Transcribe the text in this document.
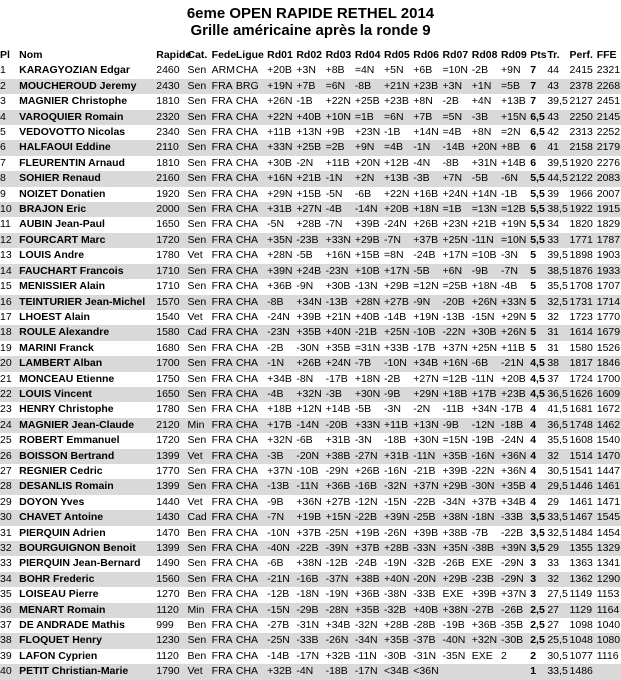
6eme OPEN RAPIDE RETHEL 2014
Grille américaine après la ronde 9
Pl	Nom	Rapide	Cat.	Fede	Ligue	Rd01	Rd02	Rd03	Rd04	Rd05	Rd06	Rd07	Rd08	Rd09	Pts	Tr.	Perf.	FFE
1	KARAGYOZIAN Edgar	2460	Sen	ARM	CHA	+20B	+3N	+8B	=4N	+5N	+6B	=10N	-2B	+9N	7	44	2415	2321
2	MOUCHEROUD Jeremy	2430	Sen	FRA	BRG	+19N	+7B	=6N	-8B	+21N	+23B	+3N	+1N	=5B	7	43	2378	2268
3	MAGNIER Christophe	1810	Sen	FRA	CHA	+26N	-1B	+22N	+25B	+23B	+8N	-2B	+4N	+13B	7	39,5	2127	2451
4	VAROQUIER Romain	2320	Sen	FRA	CHA	+22N	+40B	+10N	=1B	=6N	+7B	=5N	-3B	+15N	6,5	43	2250	2145
5	VEDOVOTTO Nicolas	2340	Sen	FRA	CHA	+11B	+13N	+9B	+23N	-1B	+14N	=4B	+8N	=2N	6,5	42	2313	2252
6	HALFAOUI Eddine	2110	Sen	FRA	CHA	+33N	+25B	=2B	+9N	=4B	-1N	-14B	+20N	+8B	6	41	2158	2179
7	FLEURENTIN Arnaud	1810	Sen	FRA	CHA	+30B	-2N	+11B	+20N	+12B	-4N	-8B	+31N	+14B	6	39,5	1920	2276
8	SOHIER Renaud	2160	Sen	FRA	CHA	+16N	+21B	-1N	+2N	+13B	-3B	+7N	-5B	-6N	5,5	44,5	2122	2083
9	NOIZET Donatien	1920	Sen	FRA	CHA	+29N	+15B	-5N	-6B	+22N	+16B	+24N	+14N	-1B	5,5	39	1966	2007
10	BRAJON Eric	2000	Sen	FRA	CHA	+31B	+27N	-4B	-14N	+20B	+18N	=1B	=13N	=12B	5,5	38,5	1922	1915
11	AUBIN Jean-Paul	1650	Sen	FRA	CHA	-5N	+28B	-7N	+39B	-24N	+26B	+23N	+21B	+19N	5,5	34	1820	1829
12	FOURCART Marc	1720	Sen	FRA	CHA	+35N	-23B	+33N	+29B	-7N	+37B	+25N	-11N	=10N	5,5	33	1771	1787
13	LOUIS Andre	1780	Vet	FRA	CHA	+28N	-5B	+16N	+15B	=8N	-24B	+17N	=10B	-3N	5	39,5	1898	1903
14	FAUCHART Francois	1710	Sen	FRA	CHA	+39N	+24B	-23N	+10B	+17N	-5B	+6N	-9B	-7N	5	38,5	1876	1933
15	MENISSIER Alain	1710	Sen	FRA	CHA	+36B	-9N	+30B	-13N	+29B	=12N	=25B	+18N	-4B	5	35,5	1708	1707
16	TEINTURIER Jean-Michel	1570	Sen	FRA	CHA	-8B	+34N	-13B	+28N	+27B	-9N	-20B	+26N	+33N	5	32,5	1731	1714
17	LHOEST Alain	1540	Vet	FRA	CHA	-24N	+39B	+21N	+40B	-14B	+19N	-13B	-15N	+29N	5	32	1723	1770
18	ROULE Alexandre	1580	Cad	FRA	CHA	-23N	+35B	+40N	-21B	+25N	-10B	-22N	+30B	+26N	5	31	1614	1679
19	MARINI Franck	1680	Sen	FRA	CHA	-2B	-30N	+35B	=31N	+33B	-17B	+37N	+25N	+11B	5	31	1580	1526
20	LAMBERT Alban	1700	Sen	FRA	CHA	-1N	+26B	+24N	-7B	-10N	+34B	+16N	-6B	-21N	4,5	38	1817	1846
21	MONCEAU Etienne	1750	Sen	FRA	CHA	+34B	-8N	-17B	+18N	-2B	+27N	=12B	-11N	+20B	4,5	37	1724	1700
22	LOUIS Vincent	1650	Sen	FRA	CHA	-4B	+32N	-3B	+30N	-9B	+29N	+18B	+17B	+23B	4,5	36,5	1626	1609
23	HENRY Christophe	1780	Sen	FRA	CHA	+18B	+12N	+14B	-5B	-3N	-2N	-11B	+34N	-17B	4	41,5	1681	1672
24	MAGNIER Jean-Claude	2120	Min	FRA	CHA	+17B	-14N	-20B	+33N	+11B	+13N	-9B	-12N	-18B	4	36,5	1748	1462
25	ROBERT Emmanuel	1720	Sen	FRA	CHA	+32N	-6B	+31B	-3N	-18B	+30N	=15N	-19B	-24N	4	35,5	1608	1540
26	BOISSON Bertrand	1399	Vet	FRA	CHA	-3B	-20N	+38B	-27N	+31B	-11N	+35B	-16N	+36N	4	32	1514	1470
27	REGNIER Cedric	1770	Sen	FRA	CHA	+37N	-10B	-29N	+26B	-16N	-21B	+39B	-22N	+36N	4	30,5	1541	1447
28	DESANLIS Romain	1399	Sen	FRA	CHA	-13B	-11N	+36B	-16B	-32N	+37N	+29B	-30N	+35B	4	29,5	1446	1461
29	DOYON Yves	1440	Vet	FRA	CHA	-9B	+36N	+27B	-12N	-15N	-22B	-34N	+37B	+34B	4	29	1461	1471
30	CHAVET Antoine	1430	Cad	FRA	CHA	-7N	+19B	+15N	-22B	+39N	-25B	+38N	-18N	-33B	3,5	33,5	1467	1545
31	PIERQUIN Adrien	1470	Ben	FRA	CHA	-10N	+37B	-25N	+19B	-26N	+39B	+38B	-7B	-22B	3,5	32,5	1484	1454
32	BOURGUIGNON Benoit	1399	Sen	FRA	CHA	-40N	-22B	-39N	+37B	+28B	-33N	+35N	-38B	+39N	3,5	29	1355	1329
33	PIERQUIN Jean-Bernard	1490	Sen	FRA	CHA	-6B	+38N	-12B	-24B	-19N	-32B	-26B	EXE	-29N	3	33	1363	1341
34	BOHR Frederic	1560	Sen	FRA	CHA	-21N	-16B	-37N	+38B	+40N	-20N	+29B	-23B	-29N	3	32	1362	1290
35	LOISEAU Pierre	1270	Ben	FRA	CHA	-12B	-18N	-19N	+36B	-38N	-33B	EXE	+39B	+37N	3	27,5	1149	1153
36	MENART Romain	1120	Min	FRA	CHA	-15N	-29B	-28N	+35B	-32B	+40B	+38N	-27B	-26B	2,5	27	1129	1164
37	DE ANDRADE Mathis	999	Ben	FRA	CHA	-27B	-31N	+34B	-32N	+28B	-28B	-19B	+36B	-35B	2,5	27	1098	1040
38	FLOQUET Henry	1230	Sen	FRA	CHA	-25N	-33B	-26N	-34N	+35B	-37B	-40N	+32N	-30B	2,5	25,5	1048	1080
39	LAFON Cyprien	1120	Ben	FRA	CHA	-14B	-17N	+32B	-11N	-30B	-31N	-35N	EXE	2	2	30,5	1077	1116
40	PETIT Christian-Marie	1790	Vet	FRA	CHA	+32B	-4N	-18B	-17N	<34B	<36N				1	33,5	1486	
